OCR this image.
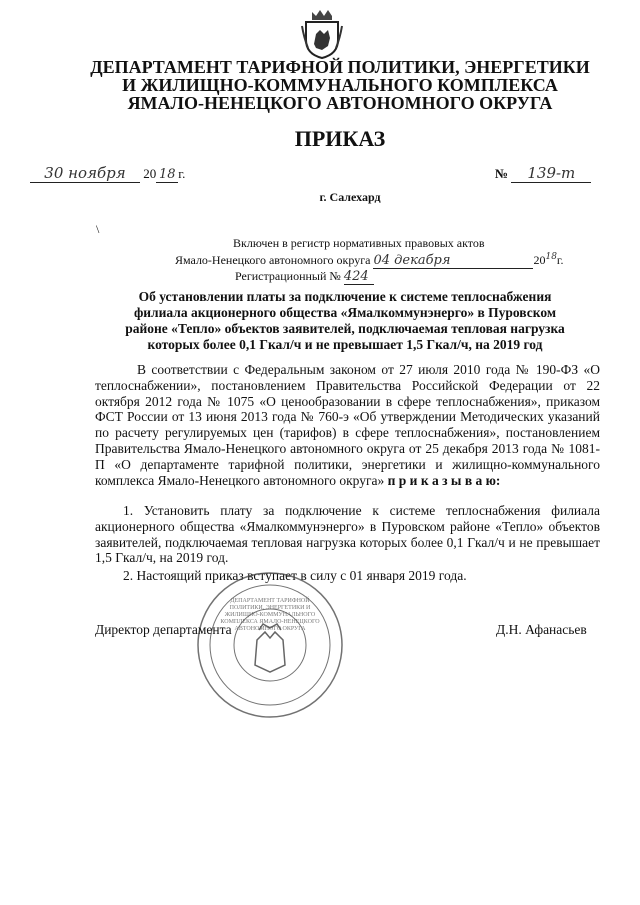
ДЕПАРТАМЕНТ ТАРИФНОЙ ПОЛИТИКИ, ЭНЕРГЕТИКИ
И ЖИЛИЩНО-КОММУНАЛЬНОГО КОМПЛЕКСА
ЯМАЛО-НЕНЕЦКОГО АВТОНОМНОГО ОКРУГА
ПРИКАЗ
30 ноября 20 18 г.	№ 139-т
г. Салехард
\
Включен в регистр нормативных правовых актов
Ямало-Ненецкого автономного округа 04 декабря	$20^{18}г$.
Регистрационный № 424
Об установлении платы за подключение к системе теплоснабжения
филиала акционерного общества «Ямалкоммунэнерго» в Пуровском
районе «Тепло» объектов заявителей, подключаемая тепловая нагрузка
которых более 0,1 Гкал/ч и не превышает 1,5 Гкал/ч, на 2019 год
В соответствии с Федеральным законом от 27 июля 2010 года № 190-ФЗ «О теплоснабжении», постановлением Правительства Российской Федерации от 22 октября 2012 года № 1075 «О ценообразовании в сфере теплоснабжения», приказом ФСТ России от 13 июня 2013 года № 760-э «Об утверждении Методических указаний по расчету регулируемых цен (тарифов) в сфере теплоснабжения», постановлением Правительства Ямало-Ненецкого автономного округа от 25 декабря 2013 года № 1081-П «О департаменте тарифной политики, энергетики и жилищно-коммунального комплекса Ямало-Ненецкого автономного округа» п р и к а з ы в а ю:
1. Установить плату за подключение к системе теплоснабжения филиала акционерного общества «Ямалкоммунэнерго» в Пуровском районе «Тепло» объектов заявителей, подключаемая тепловая нагрузка которых более 0,1 Гкал/ч и не превышает 1,5 Гкал/ч, на 2019 год.
2. Настоящий приказ вступает в силу с 01 января 2019 года.
ДЕПАРТАМЕНТ ТАРИФНОЙ ПОЛИТИКИ, ЭНЕРГЕТИКИ И ЖИЛИЩНО-КОММУНАЛЬНОГО КОМПЛЕКСА ЯМАЛО-НЕНЕЦКОГО АВТОНОМНОГО ОКРУГА
Директор департамента	Д.Н. Афанасьев
